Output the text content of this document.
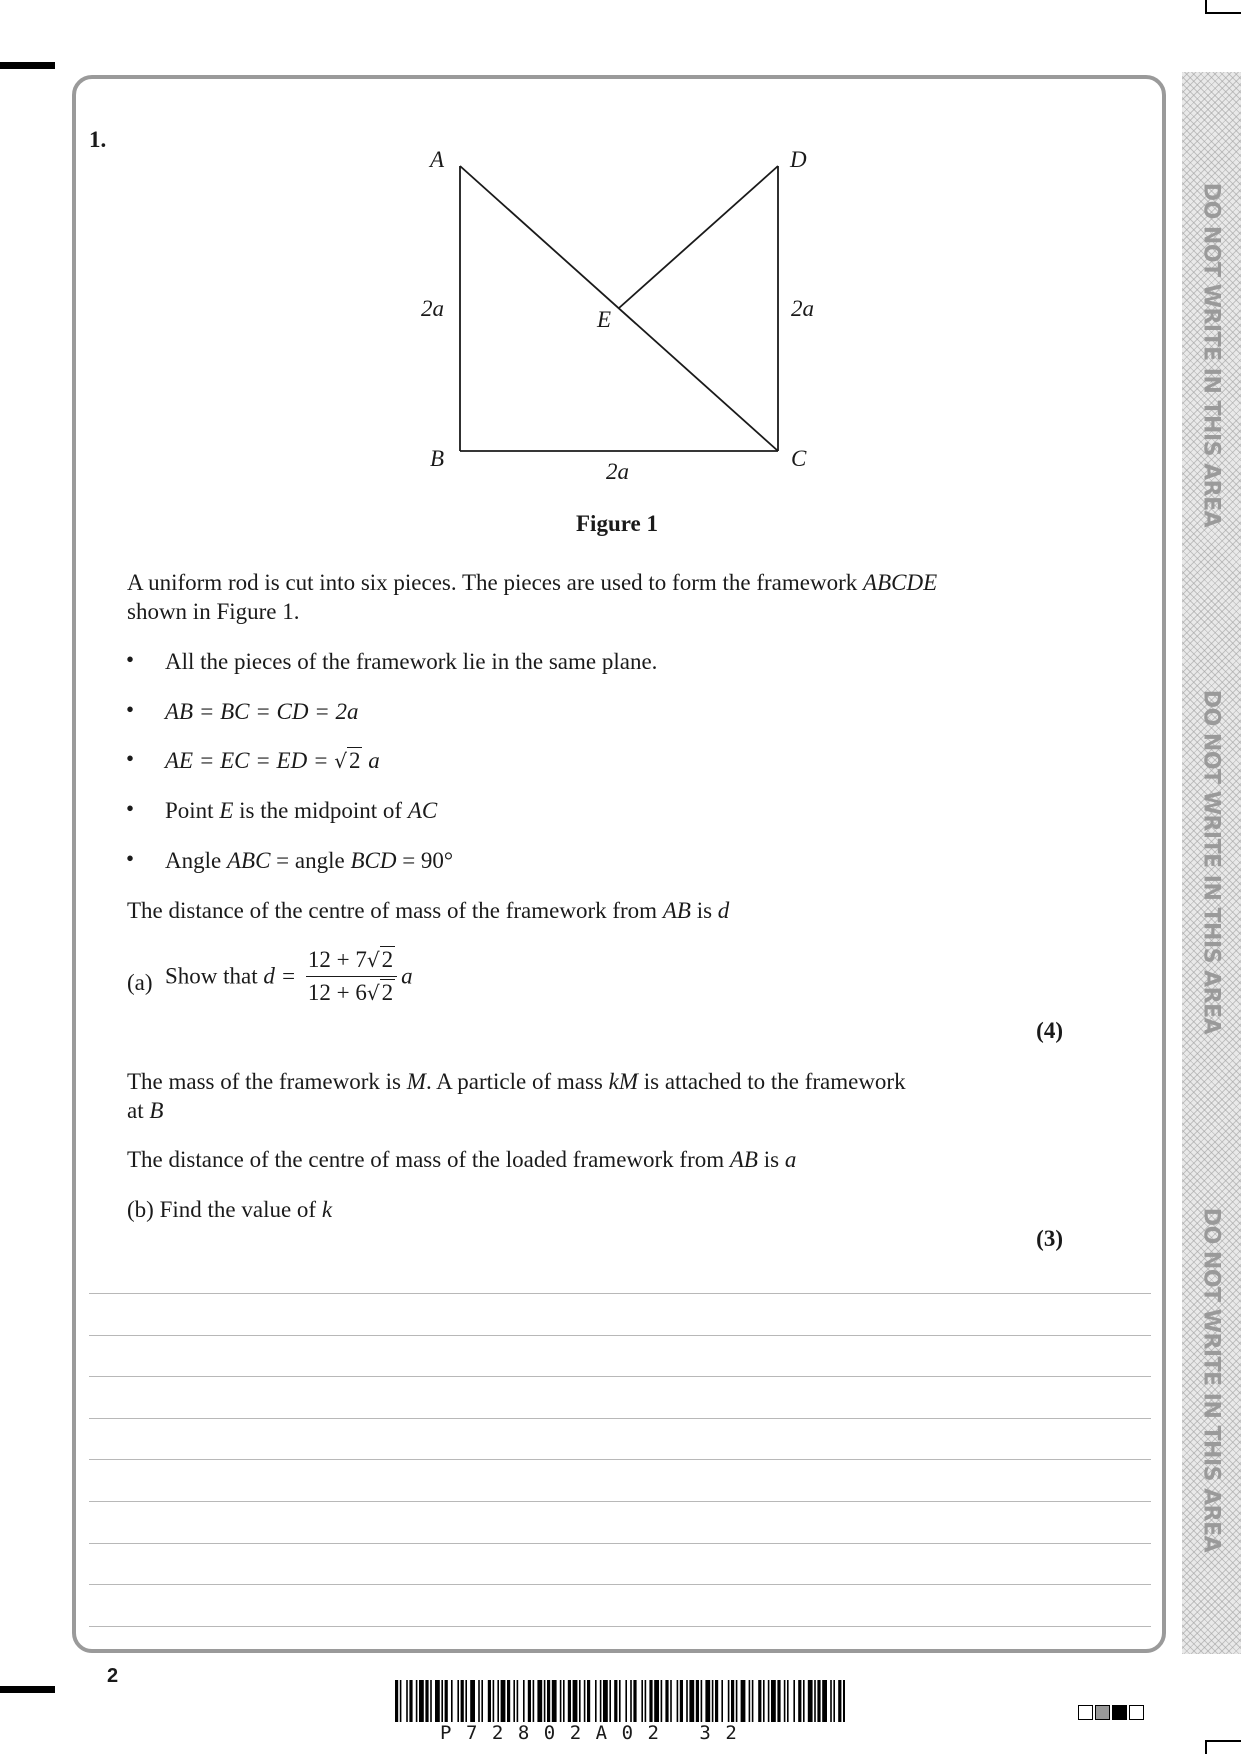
DO NOT WRITE IN THIS AREA
DO NOT WRITE IN THIS AREA
DO NOT WRITE IN THIS AREA
1.
A	D
E
B	C
2a	2a
2a
Figure 1
A uniform rod is cut into six pieces. The pieces are used to form the framework ABCDE
shown in Figure 1.
• All the pieces of the framework lie in the same plane.
• AB = BC = CD = 2a
• AE = EC = ED = √2 a
• Point E is the midpoint of AC
• Angle ABC = angle BCD = 90°
The distance of the centre of mass of the framework from AB is d
(a) Show that $d = \frac{12 + 7√2}{12 + 6√2}$ a
(4)
The mass of the framework is M. A particle of mass kM is attached to the framework
at B
The distance of the centre of mass of the loaded framework from AB is a
(b) Find the value of k
(3)
2
P72802A02 32
